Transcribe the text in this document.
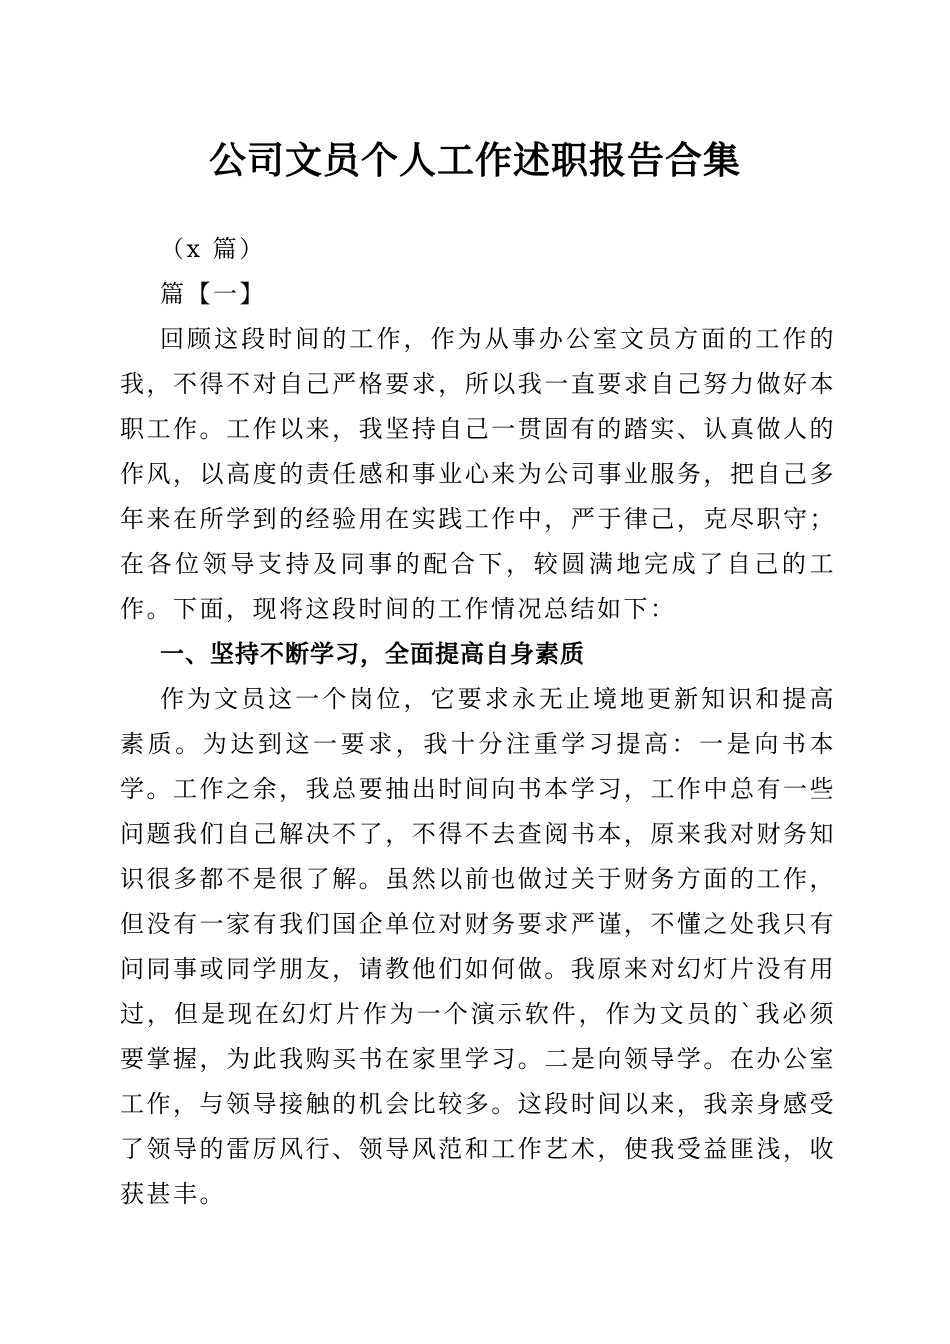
公司文员个人工作述职报告合集

（x 篇）

篇【一】

回顾这段时间的工作，作为从事办公室文员方面的工作的我，不得不对自己严格要求，所以我一直要求自己努力做好本职工作。工作以来，我坚持自己一贯固有的踏实、认真做人的作风，以高度的责任感和事业心来为公司事业服务，把自己多年来在所学到的经验用在实践工作中，严于律己，克尽职守；在各位领导支持及同事的配合下，较圆满地完成了自己的工作。下面，现将这段时间的工作情况总结如下：

一、坚持不断学习，全面提高自身素质

作为文员这一个岗位，它要求永无止境地更新知识和提高素质。为达到这一要求，我十分注重学习提高：一是向书本学。工作之余，我总要抽出时间向书本学习，工作中总有一些问题我们自己解决不了，不得不去查阅书本，原来我对财务知识很多都不是很了解。虽然以前也做过关于财务方面的工作，但没有一家有我们国企单位对财务要求严谨，不懂之处我只有问同事或同学朋友，请教他们如何做。我原来对幻灯片没有用过，但是现在幻灯片作为一个演示软件，作为文员的`我必须要掌握，为此我购买书在家里学习。二是向领导学。在办公室工作，与领导接触的机会比较多。这段时间以来，我亲身感受了领导的雷厉风行、领导风范和工作艺术，使我受益匪浅，收获甚丰。
